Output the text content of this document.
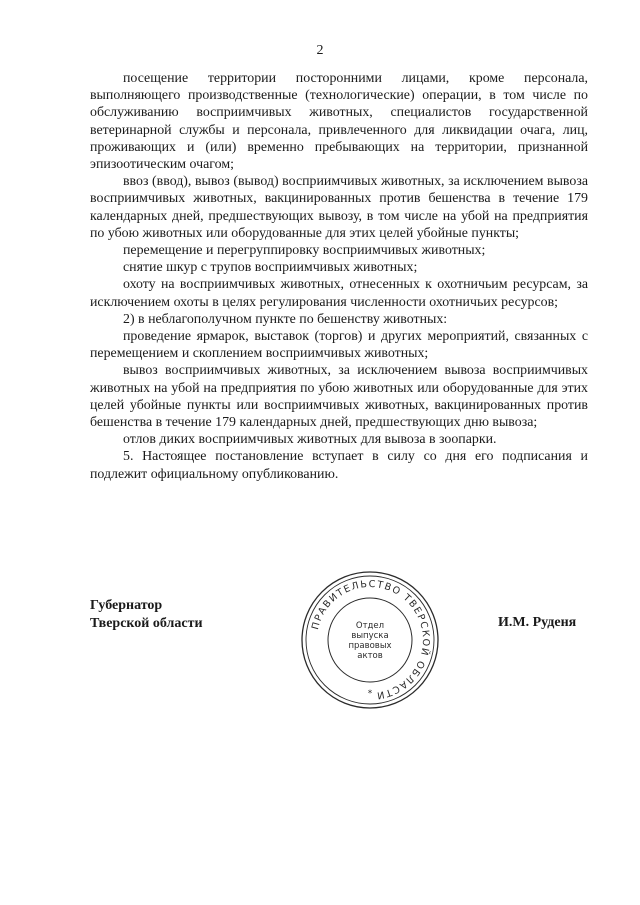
2

посещение территории посторонними лицами, кроме персонала, выполняющего производственные (технологические) операции, в том числе по обслуживанию восприимчивых животных, специалистов государственной ветеринарной службы и персонала, привлеченного для ликвидации очага, лиц, проживающих и (или) временно пребывающих на территории, признанной эпизоотическим очагом;

ввоз (ввод), вывоз (вывод) восприимчивых животных, за исключением вывоза восприимчивых животных, вакцинированных против бешенства в течение 179 календарных дней, предшествующих вывозу, в том числе на убой на предприятия по убою животных или оборудованные для этих целей убойные пункты;

перемещение и перегруппировку восприимчивых животных;

снятие шкур с трупов восприимчивых животных;

охоту на восприимчивых животных, отнесенных к охотничьим ресурсам, за исключением охоты в целях регулирования численности охотничьих ресурсов;

2) в неблагополучном пункте по бешенству животных:

проведение ярмарок, выставок (торгов) и других мероприятий, связанных с перемещением и скоплением восприимчивых животных;

вывоз восприимчивых животных, за исключением вывоза восприимчивых животных на убой на предприятия по убою животных или оборудованные для этих целей убойные пункты или восприимчивых животных, вакцинированных против бешенства в течение 179 календарных дней, предшествующих дню вывоза;

отлов диких восприимчивых животных для вывоза в зоопарки.

5. Настоящее постановление вступает в силу со дня его подписания и подлежит официальному опубликованию.

Губернатор
Тверской области	И.М. Руденя
ПРАВИТЕЛЬСТВО ТВЕРСКОЙ ОБЛАСТИ
Отдел
выпуска
правовых
актов
*
